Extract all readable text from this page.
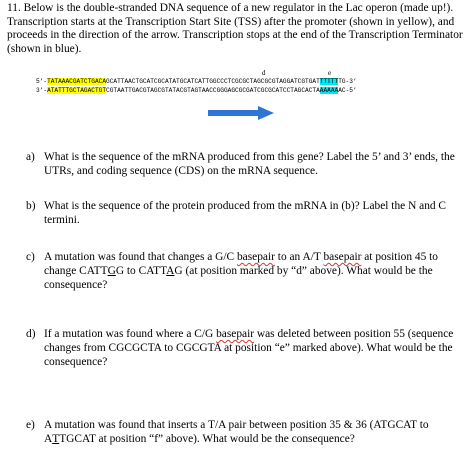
11. Below is the double-stranded DNA sequence of a new regulator in the Lac operon (made up!). Transcription starts at the Transcription Start Site (TSS) after the promoter (shown in yellow), and proceeds in the direction of the arrow. Transcription stops at the end of the Transcription Terminator (shown in blue).
d	e
5’-TATAAACGATCTGACAGCATTAACTGCATCGCATATGCATCATTGGCCCTCGCGCTAGCGCGTAGGATCGTGATTTTTTTG-3’
3’-ATATTTGCTAGACTGTCGTAATTGACGTAGCGTATACGTAGTAACCGGGAGCGCGATCGCGCATCCTAGCACTAAAAAAAC-5’
a) What is the sequence of the mRNA produced from this gene? Label the 5’ and 3’ ends, the UTRs, and coding sequence (CDS) on the mRNA sequence.
b) What is the sequence of the protein produced from the mRNA in (b)? Label the N and C termini.
c) A mutation was found that changes a G/C basepair to an A/T basepair at position 45 to change CATTGG to CATTAG (at position marked by “d” above). What would be the consequence?
d) If a mutation was found where a C/G basepair was deleted between position 55 (sequence changes from CGCGCTA to CGCGTA at position “e” marked above). What would be the consequence?
e) A mutation was found that inserts a T/A pair between position 35 & 36 (ATGCAT to ATTGCAT at position “f” above). What would be the consequence?
